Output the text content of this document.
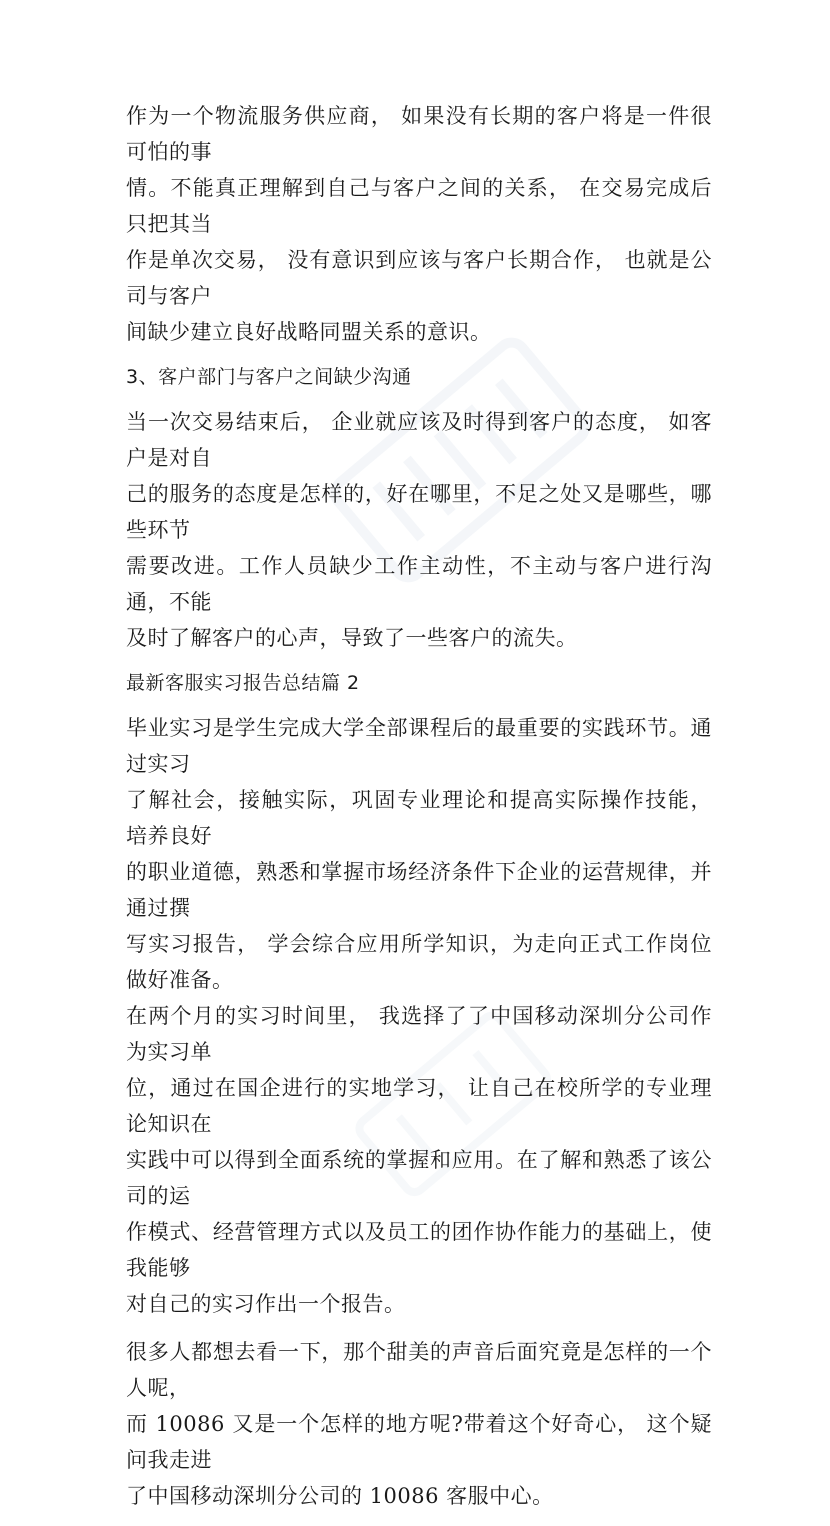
作为一个物流服务供应商， 如果没有长期的客户将是一件很可怕的事
情。不能真正理解到自己与客户之间的关系， 在交易完成后只把其当
作是单次交易， 没有意识到应该与客户长期合作， 也就是公司与客户
间缺少建立良好战略同盟关系的意识。
3、客户部门与客户之间缺少沟通
当一次交易结束后， 企业就应该及时得到客户的态度， 如客户是对自
己的服务的态度是怎样的，好在哪里，不足之处又是哪些，哪些环节
需要改进。工作人员缺少工作主动性，不主动与客户进行沟通，不能
及时了解客户的心声，导致了一些客户的流失。
最新客服实习报告总结篇 2
毕业实习是学生完成大学全部课程后的最重要的实践环节。通过实习
了解社会，接触实际，巩固专业理论和提高实际操作技能， 培养良好
的职业道德，熟悉和掌握市场经济条件下企业的运营规律，并通过撰
写实习报告， 学会综合应用所学知识，为走向正式工作岗位做好准备。
在两个月的实习时间里， 我选择了了中国移动深圳分公司作为实习单
位，通过在国企进行的实地学习， 让自己在校所学的专业理论知识在
实践中可以得到全面系统的掌握和应用。在了解和熟悉了该公司的运
作模式、经营管理方式以及员工的团作协作能力的基础上，使我能够
对自己的实习作出一个报告。
很多人都想去看一下，那个甜美的声音后面究竟是怎样的一个人呢，
而 10086 又是一个怎样的地方呢?带着这个好奇心， 这个疑问我走进
了中国移动深圳分公司的 10086 客服中心。
